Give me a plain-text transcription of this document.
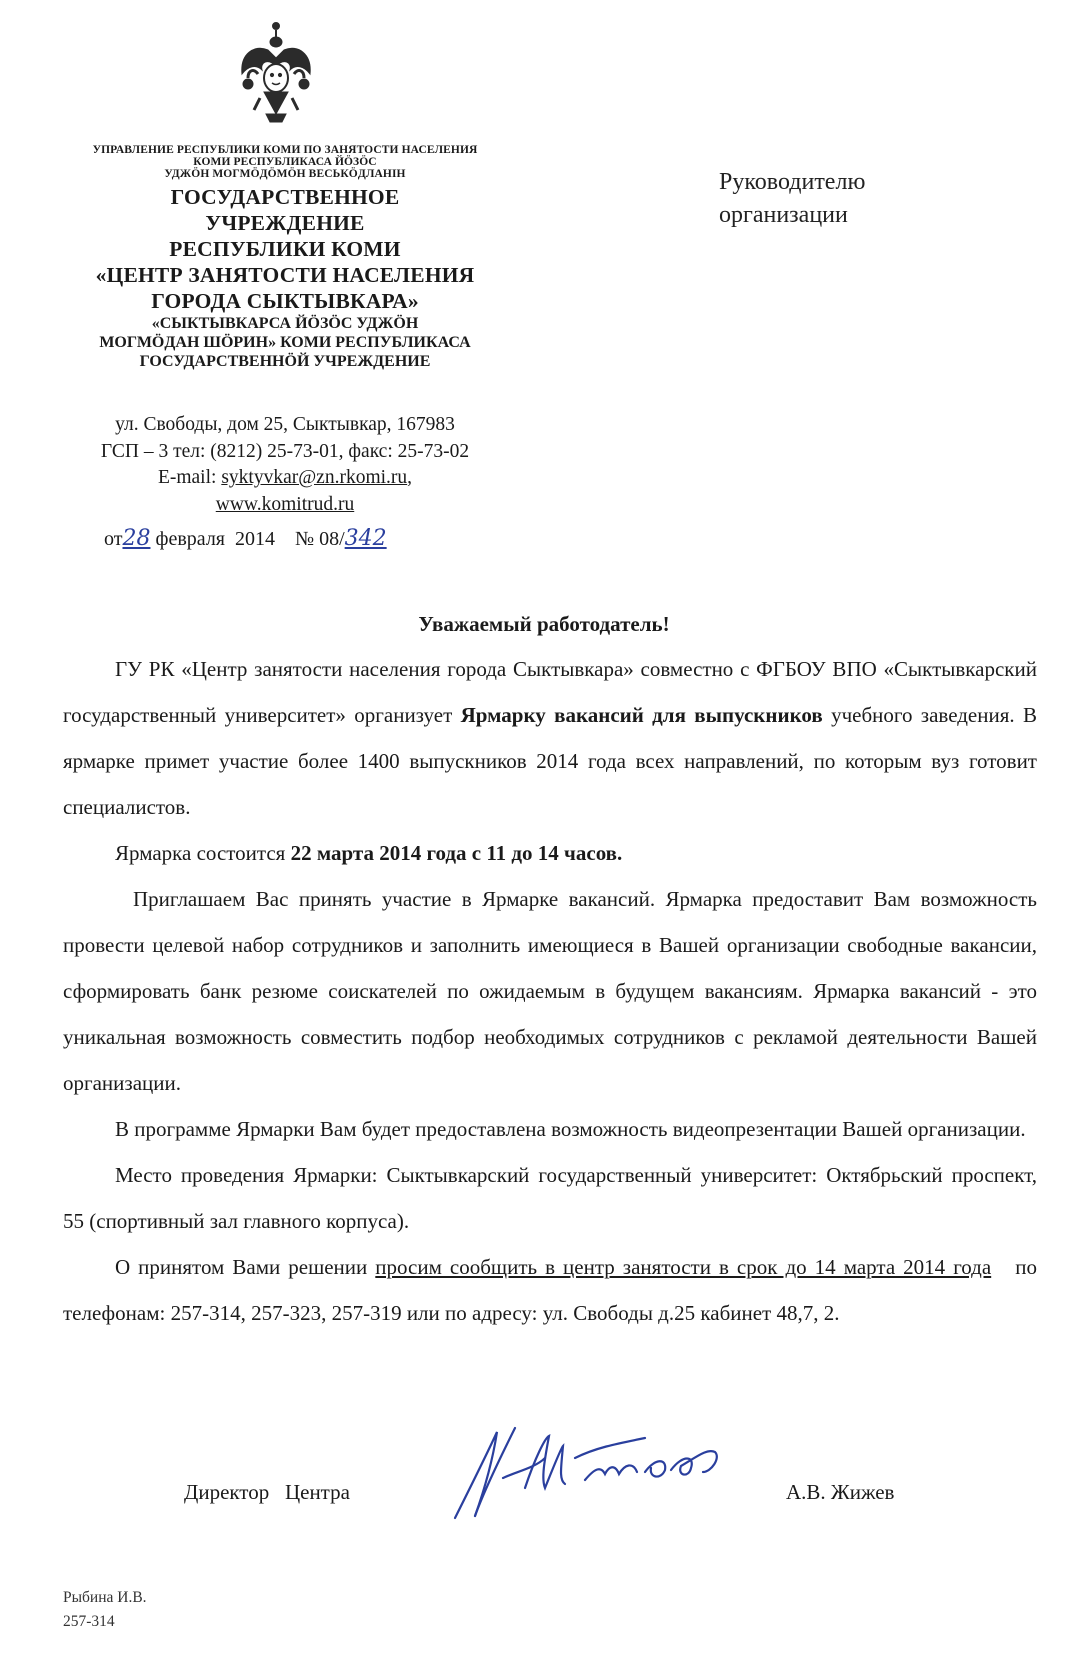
УПРАВЛЕНИЕ РЕСПУБЛИКИ КОМИ ПО ЗАНЯТОСТИ НАСЕЛЕНИЯ
КОМИ РЕСПУБЛИКАСА ЙÖЗÖС
УДЖÖН МОГМÖДÖМÖН ВЕСЬКÖДЛАНIН
ГОСУДАРСТВЕННОЕ
УЧРЕЖДЕНИЕ
РЕСПУБЛИКИ КОМИ
«ЦЕНТР ЗАНЯТОСТИ НАСЕЛЕНИЯ
ГОРОДА СЫКТЫВКАРА»
«СЫКТЫВКАРСА ЙÖЗÖС УДЖÖН
МОГМÖДАН ШÖРИН» КОМИ РЕСПУБЛИКАСА
ГОСУДАРСТВЕННÖЙ УЧРЕЖДЕНИЕ
ул. Свободы, дом 25, Сыктывкар, 167983
ГСП – 3 тел: (8212) 25-73-01, факс: 25-73-02
E-mail: syktyvkar@zn.rkomi.ru,
www.komitrud.ru
от28 февраля  2014    № 08/342
Руководителю
организации
Уважаемый работодатель!

ГУ РК «Центр занятости населения города Сыктывкара» совместно с ФГБОУ ВПО «Сыктывкарский государственный университет» организует Ярмарку вакансий для выпускников учебного заведения. В ярмарке примет участие более 1400 выпускников 2014 года всех направлений, по которым вуз готовит специалистов.

Ярмарка состоится 22 марта 2014 года с 11 до 14 часов.

Приглашаем Вас принять участие в Ярмарке вакансий. Ярмарка предоставит Вам возможность провести целевой набор сотрудников и заполнить имеющиеся в Вашей организации свободные вакансии, сформировать банк резюме соискателей по ожидаемым в будущем вакансиям. Ярмарка вакансий - это уникальная возможность совместить подбор необходимых сотрудников с рекламой деятельности Вашей организации.

В программе Ярмарки Вам будет предоставлена возможность видеопрезентации Вашей организации.

Место проведения Ярмарки: Сыктывкарский государственный университет: Октябрьский проспект, 55 (спортивный зал главного корпуса).

О принятом Вами решении просим сообщить в центр занятости в срок до 14 марта 2014 года   по  телефонам: 257-314, 257-323, 257-319 или по адресу: ул. Свободы д.25 кабинет 48,7, 2.

Директор   Центра	А.В. Жижев
Рыбина И.В.
257-314
